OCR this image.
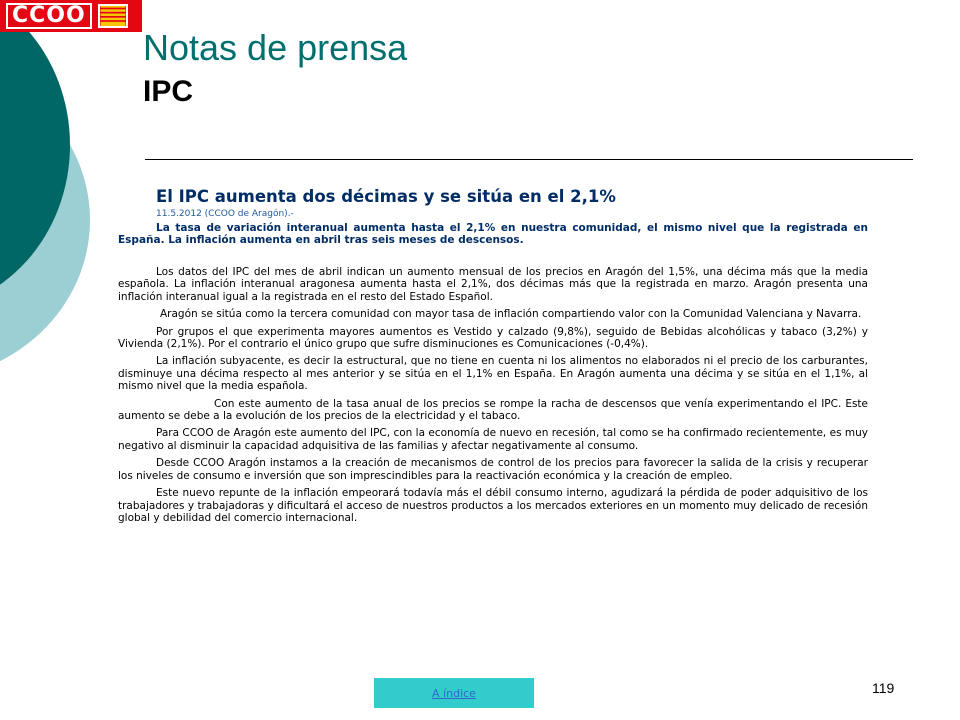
CCOO
Notas de prensa
IPC

El IPC aumenta dos décimas y se sitúa en el 2,1%

11.5.2012 (CCOO de Aragón).-

La tasa de variación interanual aumenta hasta el 2,1% en nuestra comunidad, el mismo nivel que la registrada en España. La inflación aumenta en abril tras seis meses de descensos.

Los datos del IPC del mes de abril indican un aumento mensual de los precios en Aragón del 1,5%, una décima más que la media española. La inflación interanual aragonesa aumenta hasta el 2,1%, dos décimas más que la registrada en marzo. Aragón presenta una inflación interanual igual a la registrada en el resto del Estado Español.

Aragón se sitúa como la tercera comunidad con mayor tasa de inflación compartiendo valor con la Comunidad Valenciana y Navarra.

Por grupos el que experimenta mayores aumentos es Vestido y calzado (9,8%), seguido de Bebidas alcohólicas y tabaco (3,2%) y Vivienda (2,1%). Por el contrario el único grupo que sufre disminuciones es Comunicaciones (-0,4%).

La inflación subyacente, es decir la estructural, que no tiene en cuenta ni los alimentos no elaborados ni el precio de los carburantes, disminuye una décima respecto al mes anterior y se sitúa en el 1,1% en España. En Aragón aumenta una décima y se sitúa en el 1,1%, al mismo nivel que la media española.

Con este aumento de la tasa anual de los precios se rompe la racha de descensos que venía experimentando el IPC. Este aumento se debe a la evolución de los precios de la electricidad y el tabaco.

Para CCOO de Aragón este aumento del IPC, con la economía de nuevo en recesión, tal como se ha confirmado recientemente, es muy negativo al disminuir la capacidad adquisitiva de las familias y afectar negativamente al consumo.

Desde CCOO Aragón instamos a la creación de mecanismos de control de los precios para favorecer la salida de la crisis y recuperar los niveles de consumo e inversión que son imprescindibles para la reactivación económica y la creación de empleo.

Este nuevo repunte de la inflación empeorará todavía más el débil consumo interno, agudizará la pérdida de poder adquisitivo de los trabajadores y trabajadoras y dificultará el acceso de nuestros productos a los mercados exteriores en un momento muy delicado de recesión global y debilidad del comercio internacional.

A índice	119
